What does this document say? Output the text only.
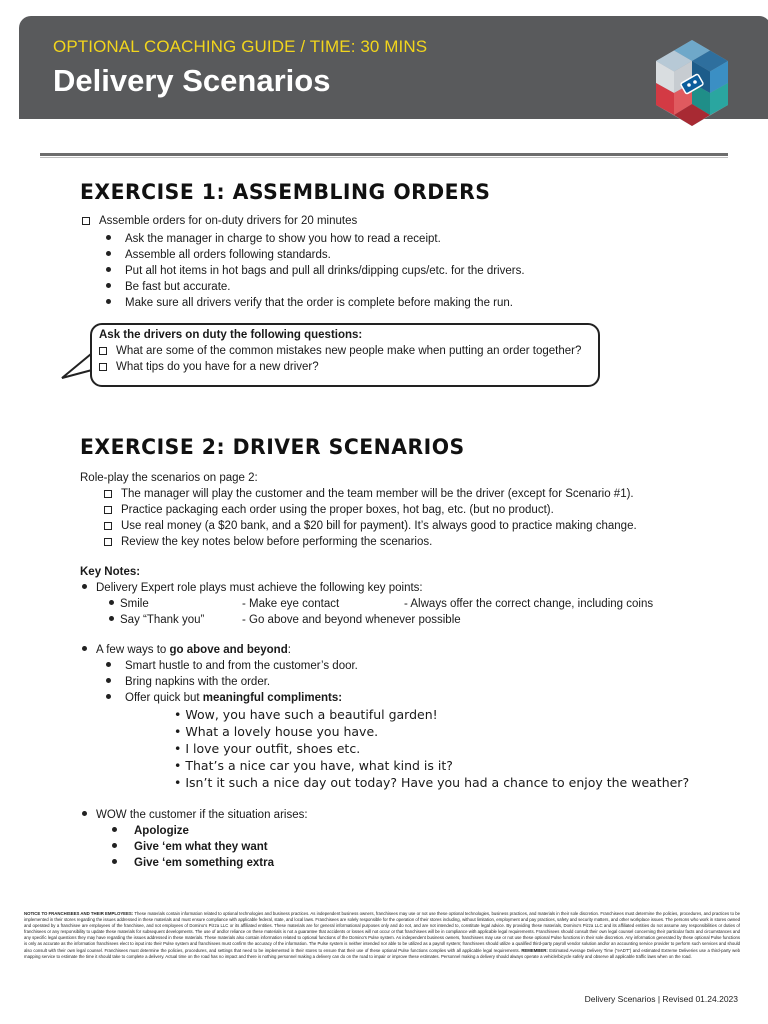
OPTIONAL COACHING GUIDE / TIME: 30 MINS
Delivery Scenarios
EXERCISE 1: ASSEMBLING ORDERS
Assemble orders for on-duty drivers for 20 minutes
Ask the manager in charge to show you how to read a receipt.
Assemble all orders following standards.
Put all hot items in hot bags and pull all drinks/dipping cups/etc. for the drivers.
Be fast but accurate.
Make sure all drivers verify that the order is complete before making the run.
Ask the drivers on duty the following questions:
What are some of the common mistakes new people make when putting an order together?
What tips do you have for a new driver?
EXERCISE 2: DRIVER SCENARIOS
Role-play the scenarios on page 2:
The manager will play the customer and the team member will be the driver (except for Scenario #1).
Practice packaging each order using the proper boxes, hot bag, etc. (but no product).
Use real money (a $20 bank, and a $20 bill for payment). It’s always good to practice making change.
Review the key notes below before performing the scenarios.
Key Notes:
Delivery Expert role plays must achieve the following key points:
Smile	- Make eye contact	- Always offer the correct change, including coins
Say “Thank you”	- Go above and beyond whenever possible
A few ways to go above and beyond:
Smart hustle to and from the customer’s door.
Bring napkins with the order.
Offer quick but meaningful compliments:
• Wow, you have such a beautiful garden!
• What a lovely house you have.
• I love your outfit, shoes etc.
• That’s a nice car you have, what kind is it?
• Isn’t it such a nice day out today? Have you had a chance to enjoy the weather?
WOW the customer if the situation arises:
Apologize
Give ‘em what they want
Give ‘em something extra
NOTICE TO FRANCHISEES AND THEIR EMPLOYEES: These materials contain information related to optional technologies and business practices. As independent business owners, franchisees may use or not use these optional technologies, business practices, and materials in their sole discretion. Franchisees must determine the policies, procedures, and practices to be implemented in their stores regarding the issues addressed in these materials and must ensure compliance with applicable federal, state, and local laws. Franchisees are solely responsible for the operation of their stores including, without limitation, employment and pay practices, safety and security matters, and other workplace issues. The persons who work in stores owned and operated by a franchisee are employees of the franchisee, and not employees of Domino’s Pizza LLC or its affiliated entities. These materials are for general informational purposes only and do not, and are not intended to, constitute legal advice. By providing these materials, Domino’s Pizza LLC and its affiliated entities do not assume any responsibilities or duties of franchisees or any responsibility to update these materials for subsequent developments. The use of and/or reliance on these materials is not a guarantee that accidents or losses will not occur or that franchisees will be in compliance with applicable legal requirements. Franchisees should consult their own legal counsel concerning their particular facts and circumstances and any specific legal questions they may have regarding the issues addressed in these materials. These materials also contain information related to optional functions of the Domino’s Pulse system. As independent business owners, franchisees may use or not use these optional Pulse functions in their sole discretion. Any information generated by these optional Pulse functions is only as accurate as the information franchisees elect to input into their Pulse system and franchisees must confirm the accuracy of the information. The Pulse system is neither intended nor able to be utilized as a payroll system; franchisees should utilize a qualified third-party payroll vendor solution and/or an accounting service provider to perform such services and should also consult with their own legal counsel. Franchisees must determine the policies, procedures, and settings that need to be implemented in their stores to ensure that their use of these optional Pulse functions complies with all applicable legal requirements. REMEMBER: Estimated Average Delivery Time (“eADT”) and estimated Extreme Deliveries use a third-party web mapping service to estimate the time it should take to complete a delivery. Actual time on the road has no impact and there is nothing personnel making a delivery can do on the road to impair or improve these estimates. Personnel making a delivery should always operate a vehicle/bicycle safely and observe all applicable traffic laws when on the road.
Delivery Scenarios | Revised 01.24.2023
